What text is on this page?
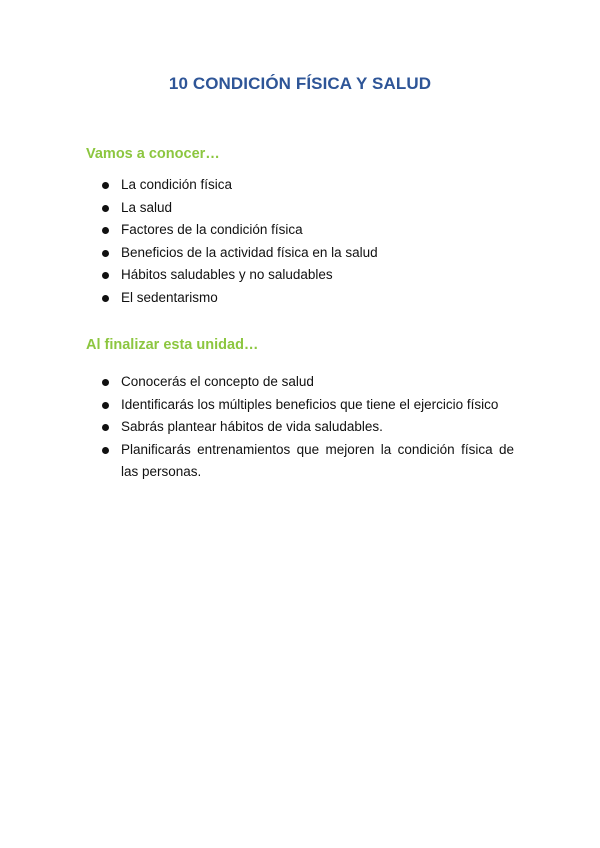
10 CONDICIÓN FÍSICA Y SALUD
Vamos a conocer…
La condición física
La salud
Factores de la condición física
Beneficios de la actividad física en la salud
Hábitos saludables y no saludables
El sedentarismo
Al finalizar esta unidad…
Conocerás el concepto de salud
Identificarás los múltiples beneficios que tiene el ejercicio físico
Sabrás plantear hábitos de vida saludables.
Planificarás entrenamientos que mejoren la condición física de las personas.
